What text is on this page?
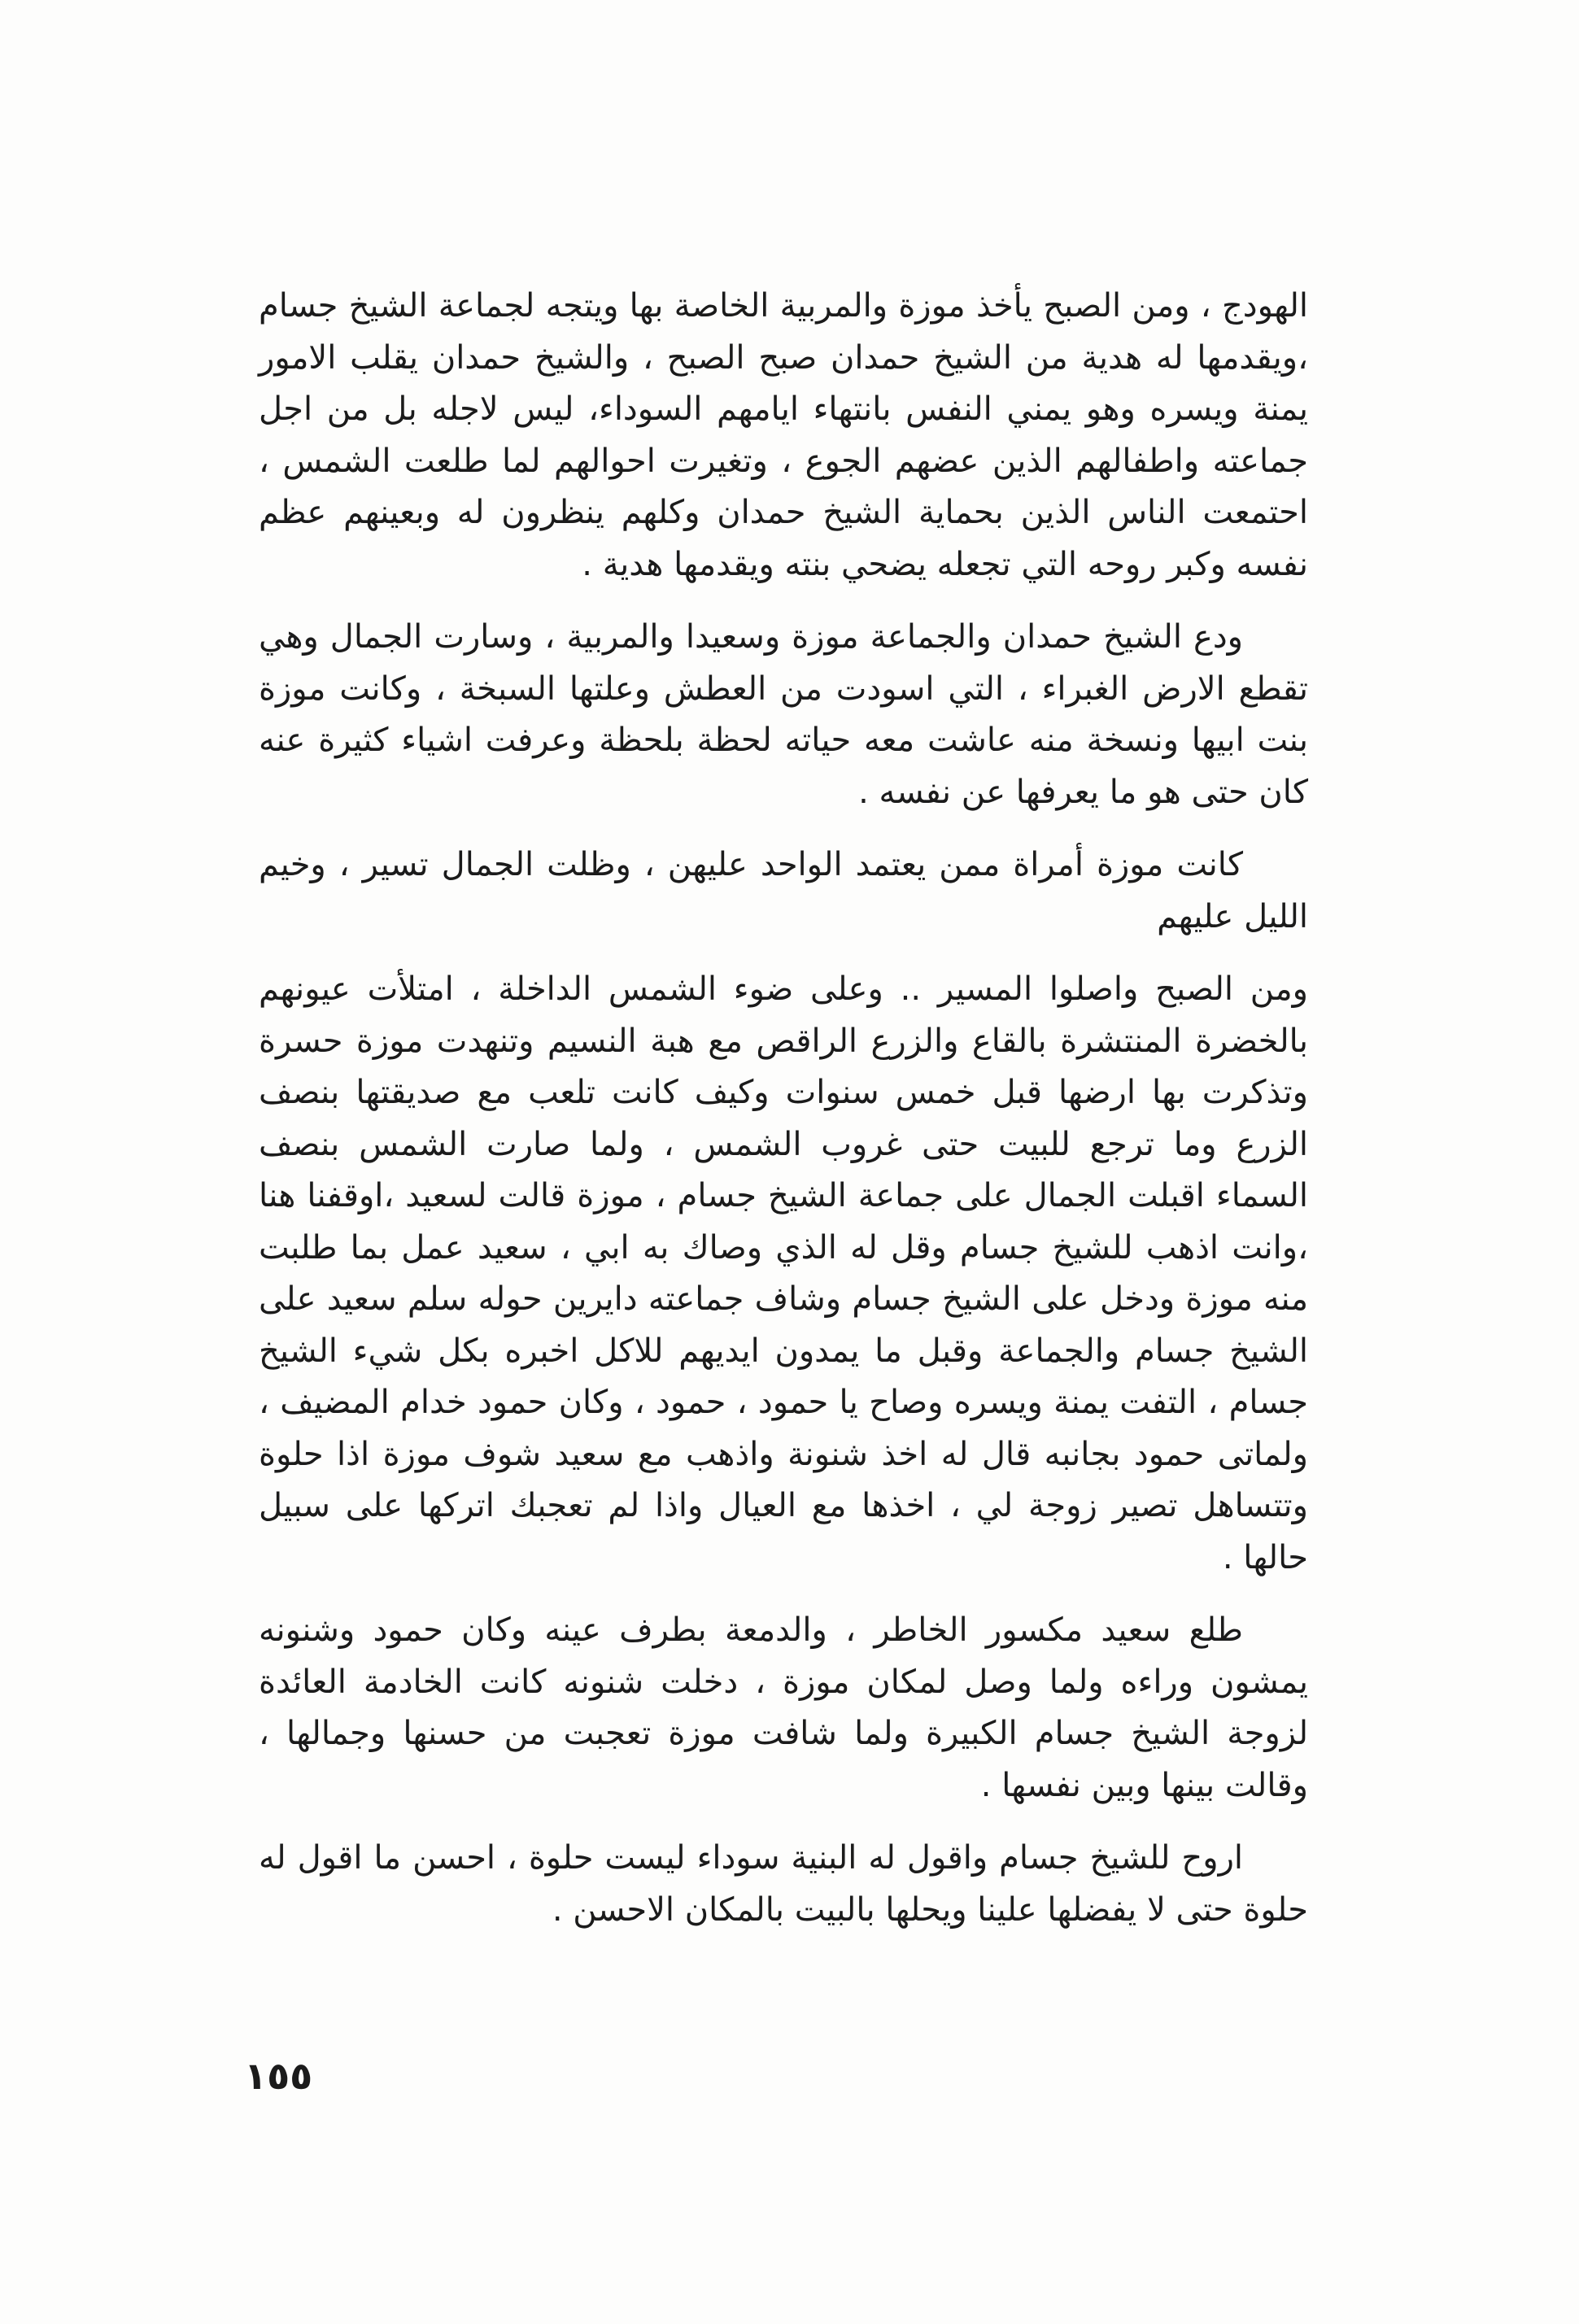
الهودج ، ومن الصبح يأخذ موزة والمربية الخاصة بها ويتجه لجماعة الشيخ جسام ،ويقدمها له هدية من الشيخ حمدان صبح الصبح ، والشيخ حمدان يقلب الامور يمنة ويسره وهو يمني النفس بانتهاء ايامهم السوداء، ليس لاجله بل من اجل جماعته واطفالهم الذين عضهم الجوع ، وتغيرت احوالهم لما طلعت الشمس ، احتمعت الناس الذين بحماية الشيخ حمدان وكلهم ينظرون له وبعينهم عظم نفسه وكبر روحه التي تجعله يضحي بنته ويقدمها هدية .

ودع الشيخ حمدان والجماعة موزة وسعيدا والمربية ، وسارت الجمال وهي تقطع الارض الغبراء ، التي اسودت من العطش وعلتها السبخة ، وكانت موزة بنت ابيها ونسخة منه عاشت معه حياته لحظة بلحظة وعرفت اشياء كثيرة عنه كان حتى هو ما يعرفها عن نفسه .

كانت موزة أمراة ممن يعتمد الواحد عليهن ، وظلت الجمال تسير ، وخيم الليل عليهم

ومن الصبح واصلوا المسير .. وعلى ضوء الشمس الداخلة ، امتلأت عيونهم بالخضرة المنتشرة بالقاع والزرع الراقص مع هبة النسيم وتنهدت موزة حسرة وتذكرت بها ارضها قبل خمس سنوات وكيف كانت تلعب مع صديقتها بنصف الزرع وما ترجع للبيت حتى غروب الشمس ، ولما صارت الشمس بنصف السماء اقبلت الجمال على جماعة الشيخ جسام ، موزة قالت لسعيد ،اوقفنا هنا ،وانت اذهب للشيخ جسام وقل له الذي وصاك به ابي ، سعيد عمل بما طلبت منه موزة ودخل على الشيخ جسام وشاف جماعته دايرين حوله سلم سعيد على الشيخ جسام والجماعة وقبل ما يمدون ايديهم للاكل اخبره بكل شيء الشيخ جسام ، التفت يمنة ويسره وصاح يا حمود ، حمود ، وكان حمود خدام المضيف ، ولماتى حمود بجانبه قال له اخذ شنونة واذهب مع سعيد شوف موزة اذا حلوة وتتساهل تصير زوجة لي ، اخذها مع العيال واذا لم تعجبك اتركها على سبيل حالها .

طلع سعيد مكسور الخاطر ، والدمعة بطرف عينه وكان حمود وشنونه يمشون وراءه ولما وصل لمكان موزة ، دخلت شنونه كانت الخادمة العائدة لزوجة الشيخ جسام الكبيرة ولما شافت موزة تعجبت من حسنها وجمالها ، وقالت بينها وبين نفسها .

اروح للشيخ جسام واقول له البنية سوداء ليست حلوة ، احسن ما اقول له حلوة حتى لا يفضلها علينا ويحلها بالبيت بالمكان الاحسن .

١٥٥
